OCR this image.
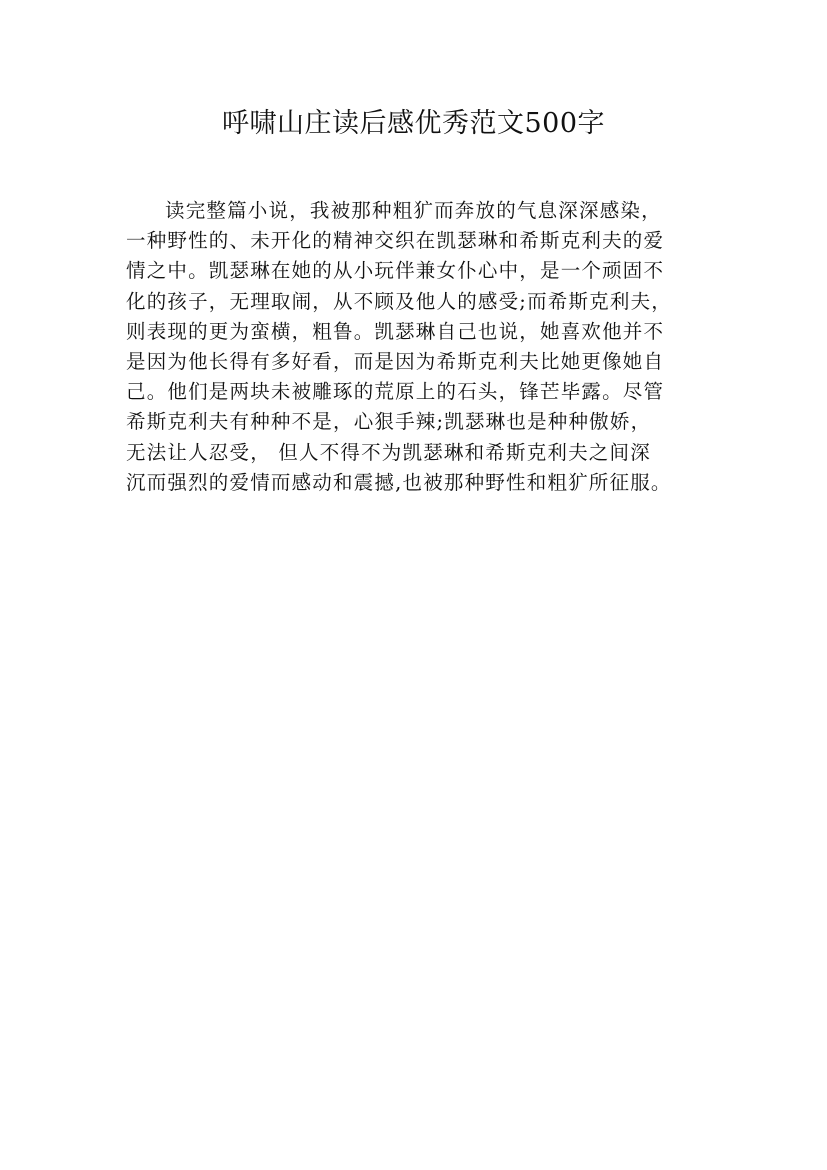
呼啸山庄读后感优秀范文500字
读完整篇小说，我被那种粗犷而奔放的气息深深感染，
一种野性的、未开化的精神交织在凯瑟琳和希斯克利夫的爱
情之中。凯瑟琳在她的从小玩伴兼女仆心中，是一个顽固不
化的孩子，无理取闹，从不顾及他人的感受;而希斯克利夫，
则表现的更为蛮横，粗鲁。凯瑟琳自己也说，她喜欢他并不
是因为他长得有多好看，而是因为希斯克利夫比她更像她自
己。他们是两块未被雕琢的荒原上的石头，锋芒毕露。尽管
希斯克利夫有种种不是，心狠手辣;凯瑟琳也是种种傲娇，
无法让人忍受， 但人不得不为凯瑟琳和希斯克利夫之间深
沉而强烈的爱情而感动和震撼,也被那种野性和粗犷所征服。
